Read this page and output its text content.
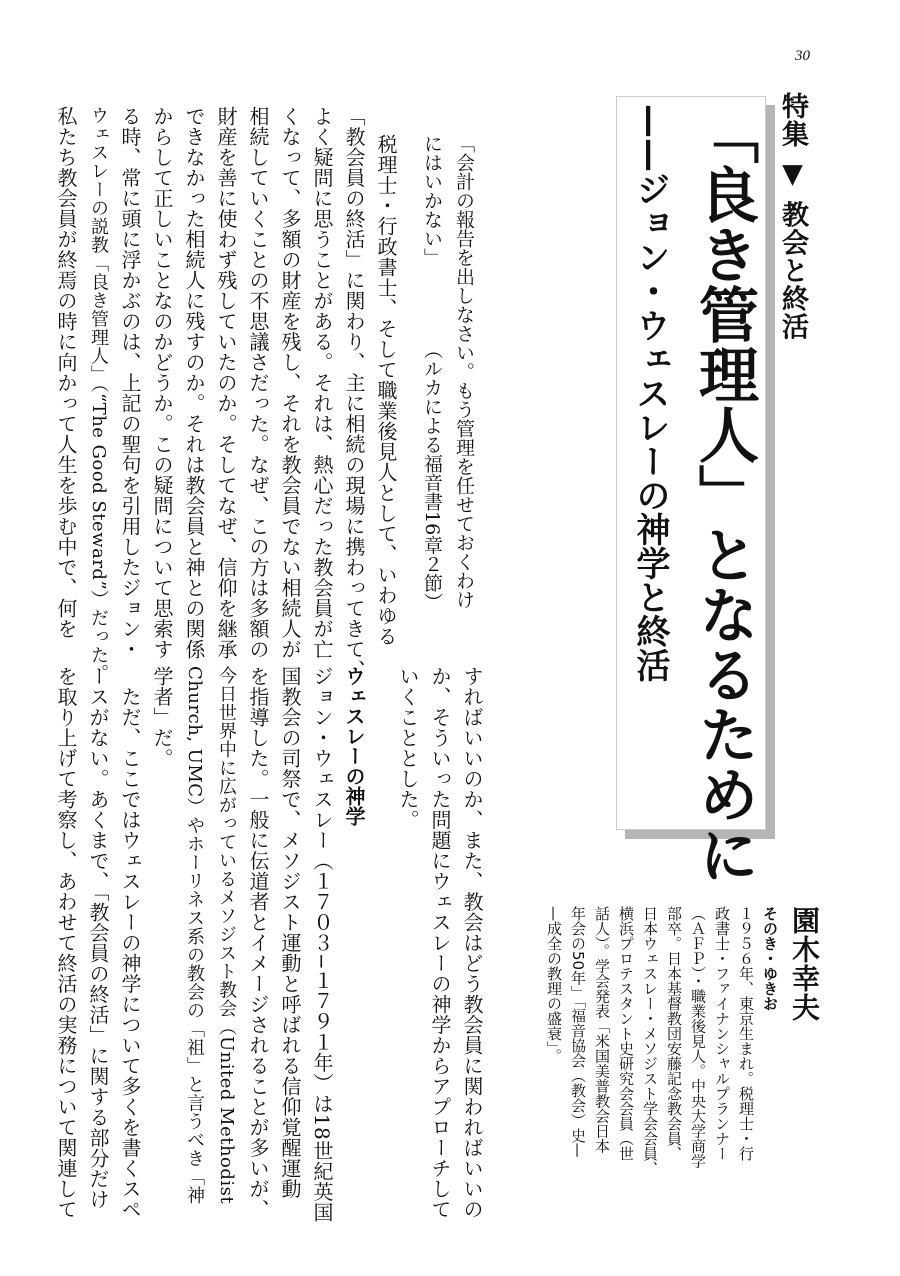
30

特集 ▼ 教会と終活

「良き管理人」となるために
——ジョン・ウェスレーの神学と終活

「会計の報告を出しなさい。もう管理を任せておくわけ

にはいかない」

（ルカによる福音書16章２節）

税理士・行政書士、そして職業後見人として、いわゆる

「教会員の終活」に関わり、主に相続の現場に携わってきて、

よく疑問に思うことがある。それは、熱心だった教会員が亡

くなって、多額の財産を残し、それを教会員でない相続人が

相続していくことの不思議さだった。なぜ、この方は多額の

財産を善に使わず残していたのか。そしてなぜ、信仰を継承

できなかった相続人に残すのか。それは教会員と神との関係

からして正しいことなのかどうか。この疑問について思索す

る時、常に頭に浮かぶのは、上記の聖句を引用したジョン・

ウェスレーの説教「良き管理人」（“The Good Steward”）だった。

私たち教会員が終焉の時に向かって人生を歩む中で、何を

すればいいのか、また、教会はどう教会員に関わればいいの

か、そういった問題にウェスレーの神学からアプローチして

いくこととした。

ウェスレーの神学

ジョン・ウェスレー（１７０３−１７９１年）は18世紀英国

国教会の司祭で、メソジスト運動と呼ばれる信仰覚醒運動

を指導した。一般に伝道者とイメージされることが多いが、

今日世界中に広がっているメソジスト教会（United Methodist

Church, UMC）やホーリネス系の教会の「祖」と言うべき「神

学者」だ。

　ただ、ここではウェスレーの神学について多くを書くスペ

ースがない。あくまで、「教会員の終活」に関する部分だけ

を取り上げて考察し、あわせて終活の実務について関連して	園木幸夫

そのき・ゆきお

１９５６年、東京生まれ。税理士・行

政書士・ファイナンシャルプランナー

（ＡＦＰ）・職業後見人。中央大学商学

部卒。日本基督教団安藤記念教会員、

日本ウェスレー・メソジスト学会会員、

横浜プロテスタント史研究会会員（世

話人）。学会発表「米国美普教会日本

年会の50年」「福音協会（教会）史—

—成全の教理の盛衰」。
